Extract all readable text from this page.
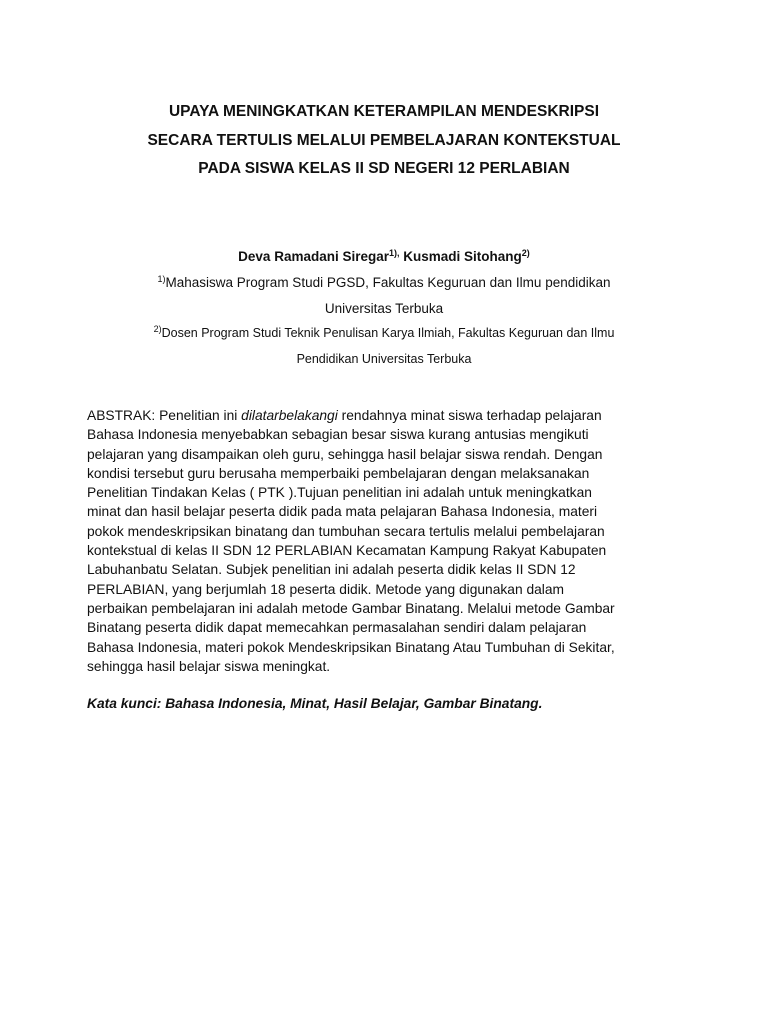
UPAYA MENINGKATKAN KETERAMPILAN MENDESKRIPSI
SECARA TERTULIS MELALUI PEMBELAJARAN KONTEKSTUAL
PADA SISWA KELAS II SD NEGERI 12 PERLABIAN
Deva Ramadani Siregar$^{1),}$ Kusmadi Sitohang$^{2)}$
$^{1)}$Mahasiswa Program Studi PGSD, Fakultas Keguruan dan Ilmu pendidikan
Universitas Terbuka
$^{2)}$Dosen Program Studi Teknik Penulisan Karya Ilmiah, Fakultas Keguruan dan Ilmu
Pendidikan Universitas Terbuka
ABSTRAK: Penelitian ini dilatarbelakangi rendahnya minat siswa terhadap pelajaran
Bahasa Indonesia menyebabkan sebagian besar siswa kurang antusias mengikuti
pelajaran yang disampaikan oleh guru, sehingga hasil belajar siswa rendah. Dengan
kondisi tersebut guru berusaha memperbaiki pembelajaran dengan melaksanakan
Penelitian Tindakan Kelas ( PTK ).Tujuan penelitian ini adalah untuk meningkatkan
minat dan hasil belajar peserta didik pada mata pelajaran Bahasa Indonesia, materi
pokok mendeskripsikan binatang dan tumbuhan secara tertulis melalui pembelajaran
kontekstual di kelas II SDN 12 PERLABIAN Kecamatan Kampung Rakyat Kabupaten
Labuhanbatu Selatan. Subjek penelitian ini adalah peserta didik kelas II SDN 12
PERLABIAN, yang berjumlah 18 peserta didik. Metode yang digunakan dalam
perbaikan pembelajaran ini adalah metode Gambar Binatang. Melalui metode Gambar
Binatang peserta didik dapat memecahkan permasalahan sendiri dalam pelajaran
Bahasa Indonesia, materi pokok Mendeskripsikan Binatang Atau Tumbuhan di Sekitar,
sehingga hasil belajar siswa meningkat.
Kata kunci: Bahasa Indonesia, Minat, Hasil Belajar, Gambar Binatang.
